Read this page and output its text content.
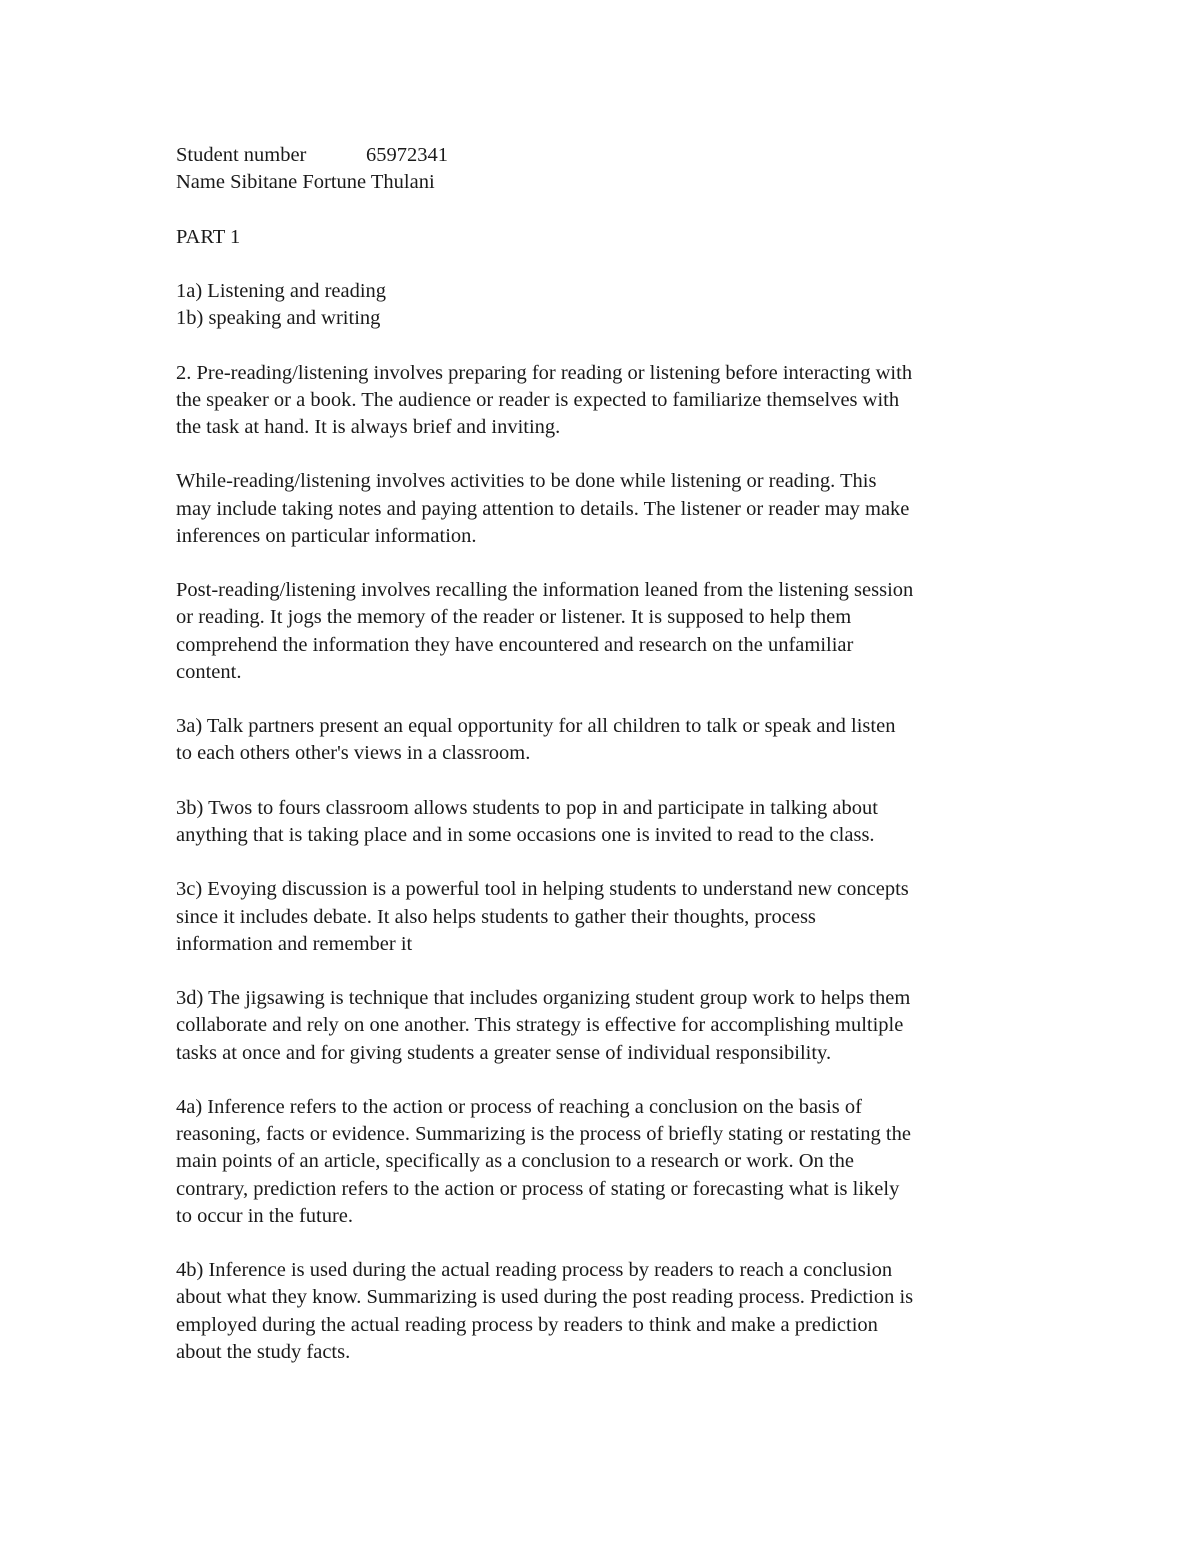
Student number	65972341
Name Sibitane Fortune Thulani
PART 1
1a) Listening and reading
1b) speaking and writing
2. Pre-reading/listening involves preparing for reading or listening before interacting with
the speaker or a book. The audience or reader is expected to familiarize themselves with
the task at hand. It is always brief and inviting.
While-reading/listening involves activities to be done while listening or reading. This
may include taking notes and paying attention to details. The listener or reader may make
inferences on particular information.
Post-reading/listening involves recalling the information leaned from the listening session
or reading. It jogs the memory of the reader or listener. It is supposed to help them
comprehend the information they have encountered and research on the unfamiliar
content.
3a) Talk partners present an equal opportunity for all children to talk or speak and listen
to each others other's views in a classroom.
3b) Twos to fours classroom allows students to pop in and participate in talking about
anything that is taking place and in some occasions one is invited to read to the class.
3c) Evoying discussion is a powerful tool in helping students to understand new concepts
since it includes debate. It also helps students to gather their thoughts, process
information and remember it
3d) The jigsawing is technique that includes organizing student group work to helps them
collaborate and rely on one another. This strategy is effective for accomplishing multiple
tasks at once and for giving students a greater sense of individual responsibility.
4a) Inference refers to the action or process of reaching a conclusion on the basis of
reasoning, facts or evidence. Summarizing is the process of briefly stating or restating the
main points of an article, specifically as a conclusion to a research or work. On the
contrary, prediction refers to the action or process of stating or forecasting what is likely
to occur in the future.
4b) Inference is used during the actual reading process by readers to reach a conclusion
about what they know. Summarizing is used during the post reading process. Prediction is
employed during the actual reading process by readers to think and make a prediction
about the study facts.
